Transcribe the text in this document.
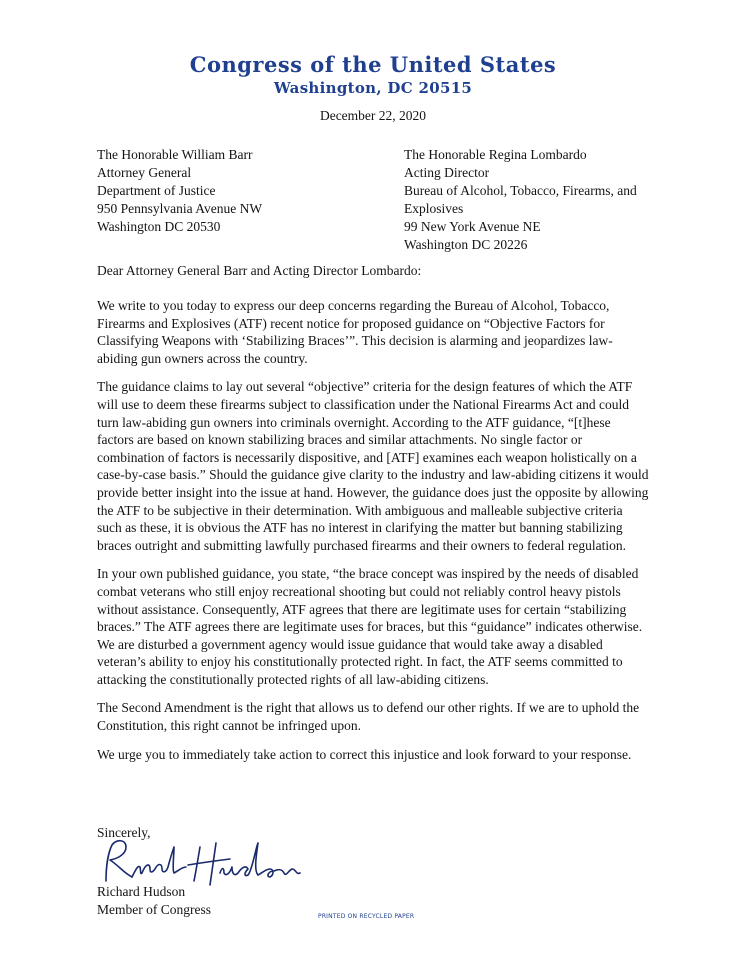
Congress of the United States
Washington, DC 20515
December 22, 2020
The Honorable William Barr
Attorney General
Department of Justice
950 Pennsylvania Avenue NW
Washington DC 20530
The Honorable Regina Lombardo
Acting Director
Bureau of Alcohol, Tobacco, Firearms, and
Explosives
99 New York Avenue NE
Washington DC 20226
Dear Attorney General Barr and Acting Director Lombardo:

We write to you today to express our deep concerns regarding the Bureau of Alcohol, Tobacco, Firearms and Explosives (ATF) recent notice for proposed guidance on “Objective Factors for Classifying Weapons with ‘Stabilizing Braces’”. This decision is alarming and jeopardizes law-abiding gun owners across the country.

The guidance claims to lay out several “objective” criteria for the design features of which the ATF will use to deem these firearms subject to classification under the National Firearms Act and could turn law-abiding gun owners into criminals overnight. According to the ATF guidance, “[t]hese factors are based on known stabilizing braces and similar attachments. No single factor or combination of factors is necessarily dispositive, and [ATF] examines each weapon holistically on a case-by-case basis.” Should the guidance give clarity to the industry and law-abiding citizens it would provide better insight into the issue at hand. However, the guidance does just the opposite by allowing the ATF to be subjective in their determination. With ambiguous and malleable subjective criteria such as these, it is obvious the ATF has no interest in clarifying the matter but banning stabilizing braces outright and submitting lawfully purchased firearms and their owners to federal regulation.

In your own published guidance, you state, “the brace concept was inspired by the needs of disabled combat veterans who still enjoy recreational shooting but could not reliably control heavy pistols without assistance. Consequently, ATF agrees that there are legitimate uses for certain “stabilizing braces.” The ATF agrees there are legitimate uses for braces, but this “guidance” indicates otherwise. We are disturbed a government agency would issue guidance that would take away a disabled veteran’s ability to enjoy his constitutionally protected right. In fact, the ATF seems committed to attacking the constitutionally protected rights of all law-abiding citizens.

The Second Amendment is the right that allows us to defend our other rights. If we are to uphold the Constitution, this right cannot be infringed upon.

We urge you to immediately take action to correct this injustice and look forward to your response.

Sincerely,
Richard Hudson
Member of Congress	PRINTED ON RECYCLED PAPER
